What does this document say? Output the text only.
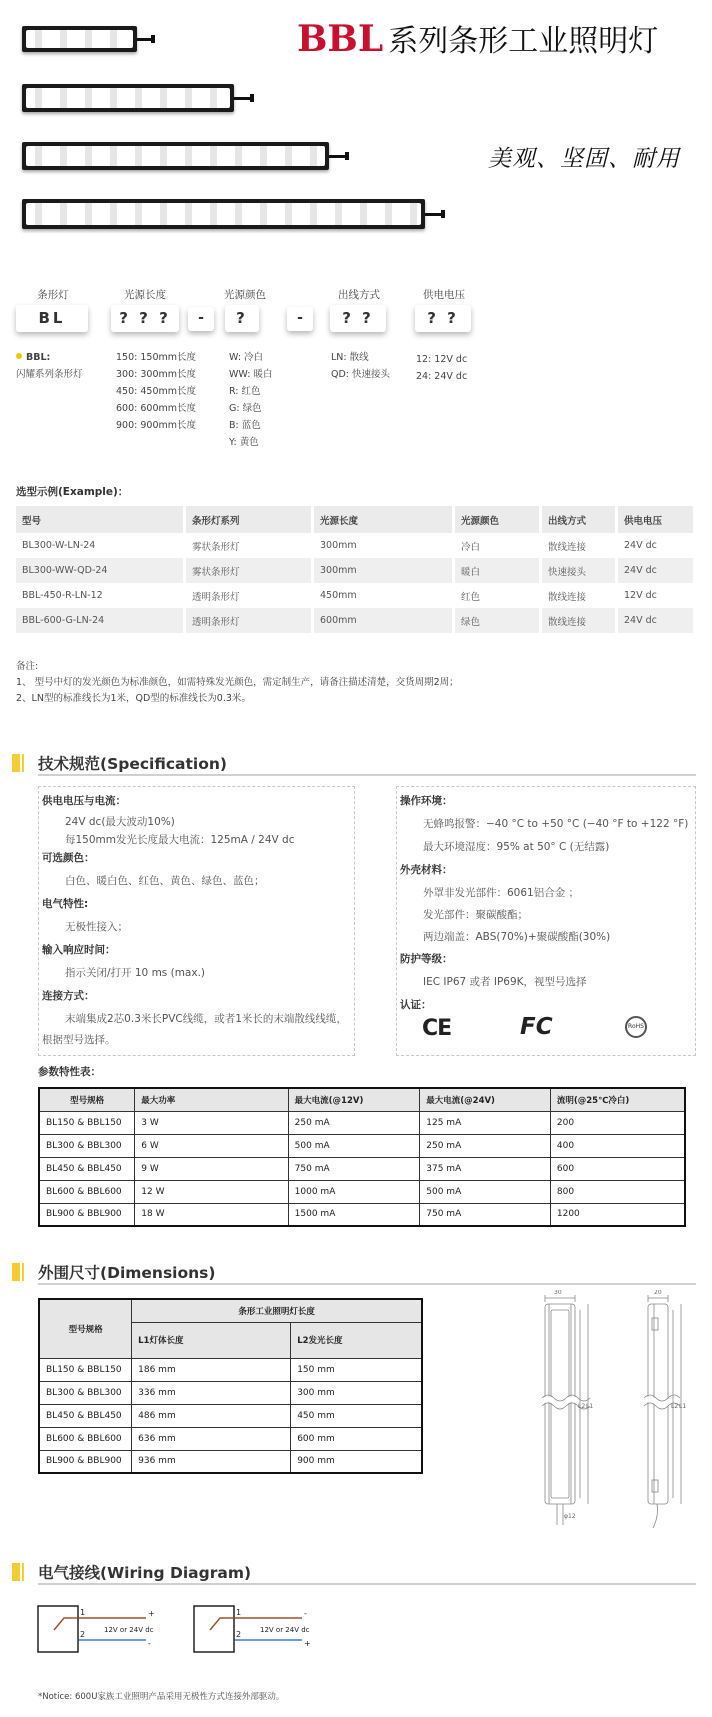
BBL 系列条形工业照明灯
美观、坚固、耐用
条形灯	光源长度	光源颜色	出线方式	供电电压
BL	? ? ?	-	?	-	? ?	? ?
BBL:
闪耀系列条形灯
150: 150mm长度
300: 300mm长度
450: 450mm长度
600: 600mm长度
900: 900mm长度
W: 冷白
WW: 暖白
R: 红色
G: 绿色
B: 蓝色
Y: 黄色
LN: 散线
QD: 快速接头
12: 12V dc
24: 24V dc
选型示例(Example)：
型号	条形灯系列	光源长度	光源颜色	出线方式	供电电压
BL300-W-LN-24	雾状条形灯	300mm	冷白	散线连接	24V dc
BL300-WW-QD-24	雾状条形灯	300mm	暖白	快速接头	24V dc
BBL-450-R-LN-12	透明条形灯	450mm	红色	散线连接	12V dc
BBL-600-G-LN-24	透明条形灯	600mm	绿色	散线连接	24V dc
备注:
1、 型号中灯的发光颜色为标准颜色，如需特殊发光颜色，需定制生产，请备注描述清楚，交货周期2周；
2、LN型的标准线长为1米，QD型的标准线长为0.3米。
技术规范(Specification)
供电电压与电流：
24V dc(最大波动10%)
每150mm发光长度最大电流：125mA / 24V dc
可选颜色：
白色、暖白色、红色、黄色、绿色、蓝色；
电气特性:
无极性接入；
输入响应时间：
指示关闭/打开 10 ms (max.)
连接方式：
末端集成2芯0.3米长PVC线缆，或者1米长的末端散线线缆，
根据型号选择。
操作环境：
无蜂鸣报警：−40 °C to +50 °C (−40 °F to +122 °F)
最大环境湿度：95% at 50° C (无结露)
外壳材料：
外罩非发光部件：6061铝合金 ；
发光部件：聚碳酸酯；
两边端盖：ABS(70%)+聚碳酸酯(30%)
防护等级：
IEC IP67 或者 IP69K，视型号选择
认证：
CE	FC	RoHS
参数特性表：
型号规格	最大功率	最大电流(@12V)	最大电流(@24V)	流明(@25℃冷白)
BL150 & BBL150	3 W	250 mA	125 mA	200
BL300 & BBL300	6 W	500 mA	250 mA	400
BL450 & BBL450	9 W	750 mA	375 mA	600
BL600 & BBL600	12 W	1000 mA	500 mA	800
BL900 & BBL900	18 W	1500 mA	750 mA	1200
外围尺寸(Dimensions)
型号规格	条形工业照明灯长度	
	L1灯体长度	L2发光长度
BL150 & BBL150	186 mm	150 mm
BL300 & BBL300	336 mm	300 mm
BL450 & BBL450	486 mm	450 mm
BL600 & BBL600	636 mm	600 mm
BL900 & BBL900	936 mm	900 mm
30	20
L2 L1	L2 L1
φ12
电气接线(Wiring Diagram)
1
2	12V or 24V dc
+
-
1
2	12V or 24V dc
-
+
*Notice: 600U家族工业照明产品采用无极性方式连接外部驱动。
